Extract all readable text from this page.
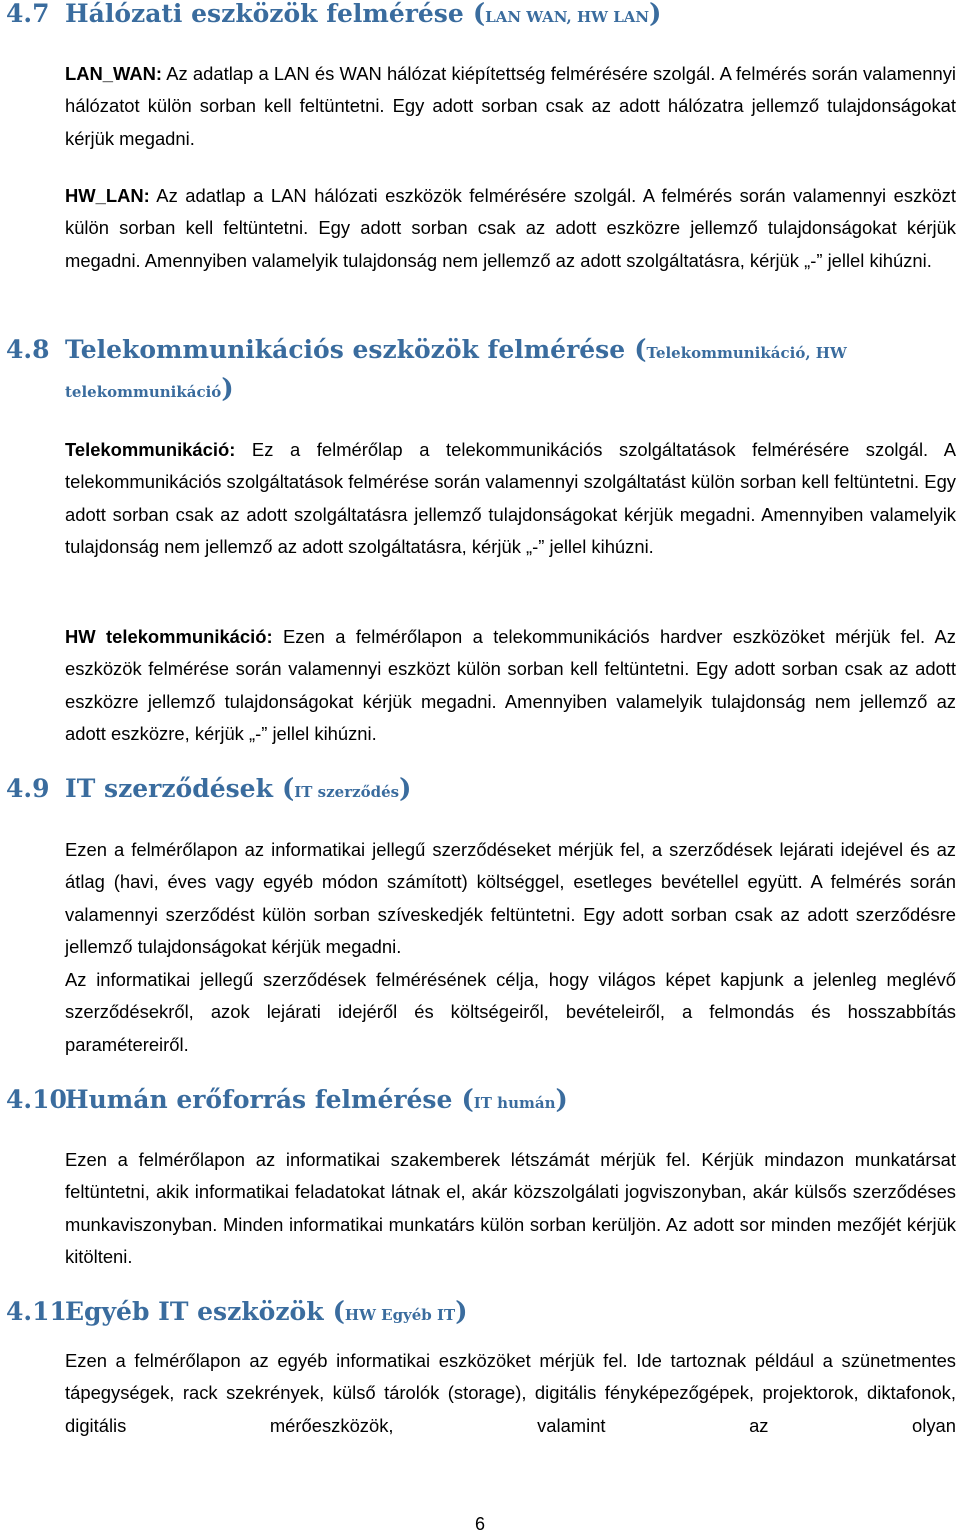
4.7 Hálózati eszközök felmérése (LAN WAN, HW LAN)

LAN_WAN: Az adatlap a LAN és WAN hálózat kiépítettség felmérésére szolgál. A felmérés során valamennyi hálózatot külön sorban kell feltüntetni. Egy adott sorban csak az adott hálózatra jellemző tulajdonságokat kérjük megadni.

HW_LAN: Az adatlap a LAN hálózati eszközök felmérésére szolgál. A felmérés során valamennyi eszközt külön sorban kell feltüntetni. Egy adott sorban csak az adott eszközre jellemző tulajdonságokat kérjük megadni. Amennyiben valamelyik tulajdonság nem jellemző az adott szolgáltatásra, kérjük „-” jellel kihúzni.

4.8 Telekommunikációs eszközök felmérése (Telekommunikáció, HW
telekommunikáció)

Telekommunikáció: Ez a felmérőlap a telekommunikációs szolgáltatások felmérésére szolgál. A telekommunikációs szolgáltatások felmérése során valamennyi szolgáltatást külön sorban kell feltüntetni. Egy adott sorban csak az adott szolgáltatásra jellemző tulajdonságokat kérjük megadni. Amennyiben valamelyik tulajdonság nem jellemző az adott szolgáltatásra, kérjük „-” jellel kihúzni.

HW telekommunikáció: Ezen a felmérőlapon a telekommunikációs hardver eszközöket mérjük fel. Az eszközök felmérése során valamennyi eszközt külön sorban kell feltüntetni. Egy adott sorban csak az adott eszközre jellemző tulajdonságokat kérjük megadni. Amennyiben valamelyik tulajdonság nem jellemző az adott eszközre, kérjük „-” jellel kihúzni.

4.9 IT szerződések (IT szerződés)

Ezen a felmérőlapon az informatikai jellegű szerződéseket mérjük fel, a szerződések lejárati idejével és az átlag (havi, éves vagy egyéb módon számított) költséggel, esetleges bevétellel együtt. A felmérés során valamennyi szerződést külön sorban szíveskedjék feltüntetni. Egy adott sorban csak az adott szerződésre jellemző tulajdonságokat kérjük megadni.

Az informatikai jellegű szerződések felmérésének célja, hogy világos képet kapjunk a jelenleg meglévő szerződésekről, azok lejárati idejéről és költségeiről, bevételeiről, a felmondás és hosszabbítás paramétereiről.

4.10Humán erőforrás felmérése (IT humán)

Ezen a felmérőlapon az informatikai szakemberek létszámát mérjük fel. Kérjük mindazon munkatársat feltüntetni, akik informatikai feladatokat látnak el, akár közszolgálati jogviszonyban, akár külsős szerződéses munkaviszonyban. Minden informatikai munkatárs külön sorban kerüljön. Az adott sor minden mezőjét kérjük kitölteni.

4.11Egyéb IT eszközök (HW Egyéb IT)

Ezen a felmérőlapon az egyéb informatikai eszközöket mérjük fel. Ide tartoznak például a szünetmentes tápegységek, rack szekrények, külső tárolók (storage), digitális fényképezőgépek, projektorok, diktafonok, digitális mérőeszközök, valamint az olyan

6
